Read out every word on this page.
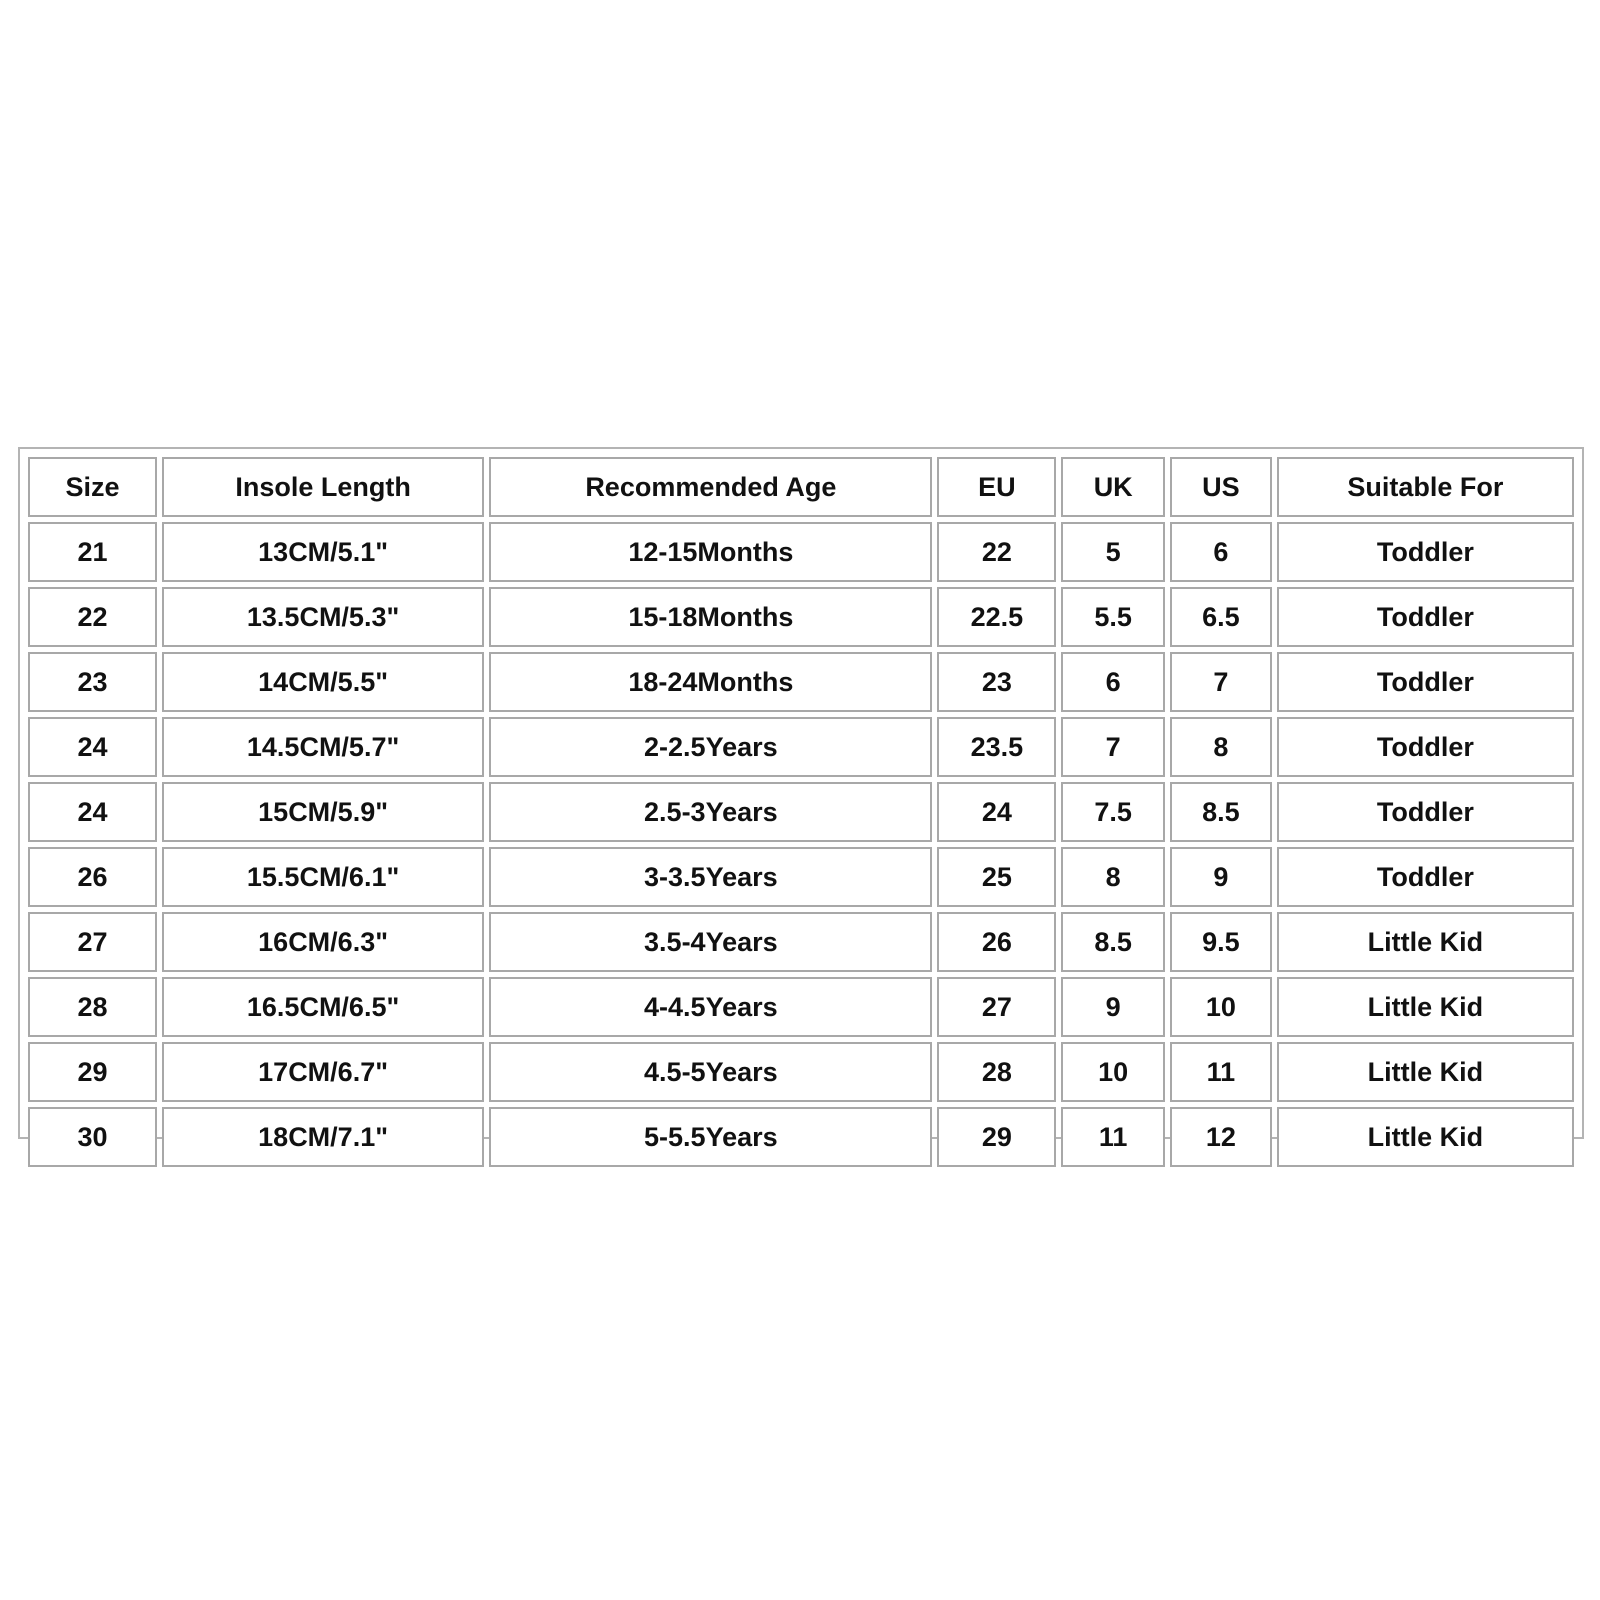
Size	Insole Length	Recommended Age	EU	UK	US	Suitable For
21	13CM/5.1"	12-15Months	22	5	6	Toddler
22	13.5CM/5.3"	15-18Months	22.5	5.5	6.5	Toddler
23	14CM/5.5"	18-24Months	23	6	7	Toddler
24	14.5CM/5.7"	2-2.5Years	23.5	7	8	Toddler
24	15CM/5.9"	2.5-3Years	24	7.5	8.5	Toddler
26	15.5CM/6.1"	3-3.5Years	25	8	9	Toddler
27	16CM/6.3"	3.5-4Years	26	8.5	9.5	Little Kid
28	16.5CM/6.5"	4-4.5Years	27	9	10	Little Kid
29	17CM/6.7"	4.5-5Years	28	10	11	Little Kid
30	18CM/7.1"	5-5.5Years	29	11	12	Little Kid
